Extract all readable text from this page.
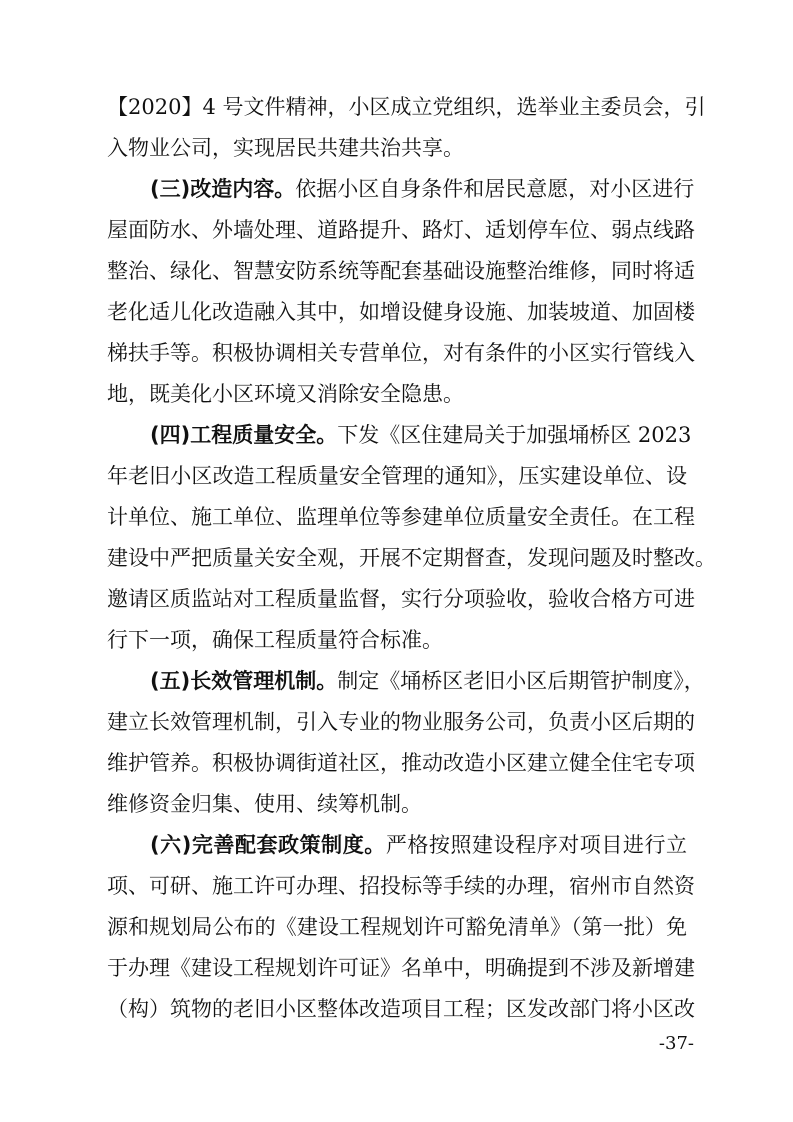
【2020】4 号文件精神，小区成立党组织，选举业主委员会，引
入物业公司，实现居民共建共治共享。
(三)改造内容。依据小区自身条件和居民意愿，对小区进行
屋面防水、外墙处理、道路提升、路灯、适划停车位、弱点线路
整治、绿化、智慧安防系统等配套基础设施整治维修，同时将适
老化适儿化改造融入其中，如增设健身设施、加装坡道、加固楼
梯扶手等。积极协调相关专营单位，对有条件的小区实行管线入
地，既美化小区环境又消除安全隐患。
(四)工程质量安全。下发《区住建局关于加强埇桥区 2023
年老旧小区改造工程质量安全管理的通知》，压实建设单位、设
计单位、施工单位、监理单位等参建单位质量安全责任。在工程
建设中严把质量关安全观，开展不定期督查，发现问题及时整改。
邀请区质监站对工程质量监督，实行分项验收，验收合格方可进
行下一项，确保工程质量符合标准。
(五)长效管理机制。制定《埇桥区老旧小区后期管护制度》，
建立长效管理机制，引入专业的物业服务公司，负责小区后期的
维护管养。积极协调街道社区，推动改造小区建立健全住宅专项
维修资金归集、使用、续筹机制。
(六)完善配套政策制度。严格按照建设程序对项目进行立
项、可研、施工许可办理、招投标等手续的办理，宿州市自然资
源和规划局公布的《建设工程规划许可豁免清单》（第一批）免
于办理《建设工程规划许可证》名单中，明确提到不涉及新增建
（构）筑物的老旧小区整体改造项目工程；区发改部门将小区改
-37-
